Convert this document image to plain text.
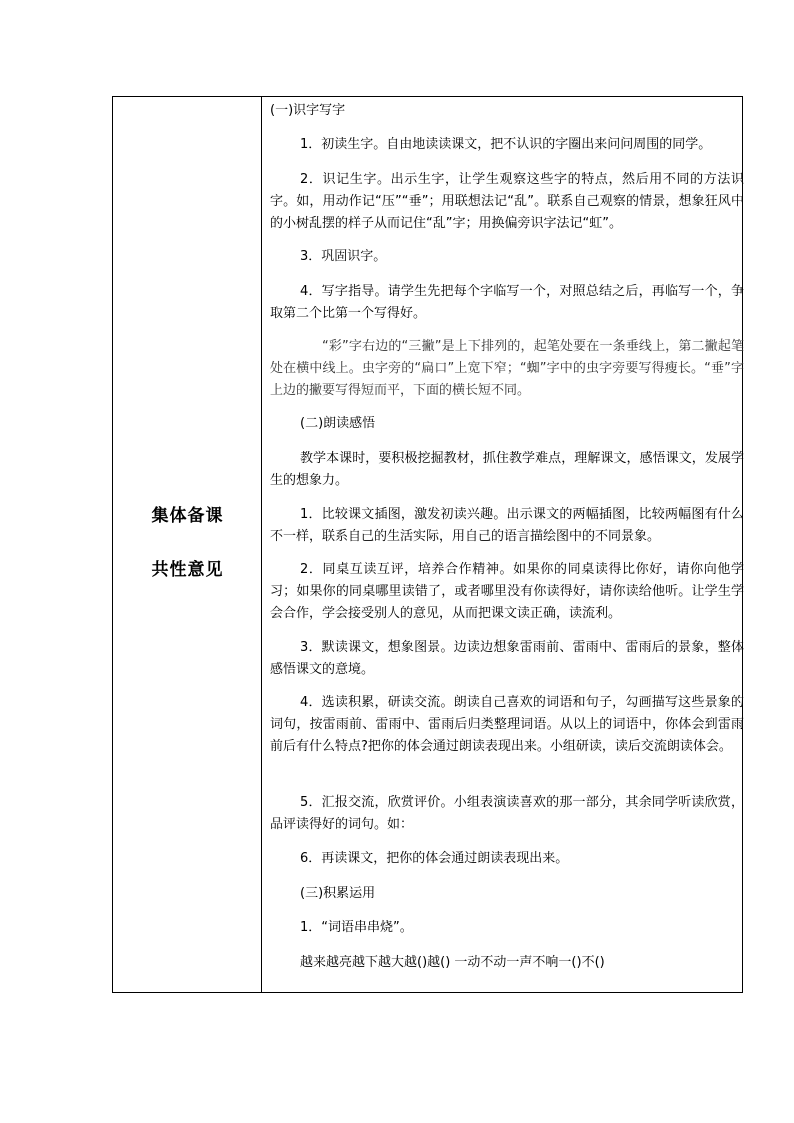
集体备课
共性意见

(一)识字写字

1．初读生字。自由地读读课文，把不认识的字圈出来问问周围的同学。

2．识记生字。出示生字，让学生观察这些字的特点，然后用不同的方法识字。如，用动作记“压”“垂”；用联想法记“乱”。联系自己观察的情景，想象狂风中的小树乱摆的样子从而记住“乱”字；用换偏旁识字法记“虹”。

3．巩固识字。

4．写字指导。请学生先把每个字临写一个，对照总结之后，再临写一个，争取第二个比第一个写得好。

“彩”字右边的“三撇”是上下排列的，起笔处要在一条垂线上，第二撇起笔处在横中线上。虫字旁的“扁口”上宽下窄；“蜘”字中的虫字旁要写得瘦长。“垂”字上边的撇要写得短而平，下面的横长短不同。

(二)朗读感悟

教学本课时，要积极挖掘教材，抓住教学难点，理解课文，感悟课文，发展学生的想象力。

1．比较课文插图，激发初读兴趣。出示课文的两幅插图，比较两幅图有什么不一样，联系自己的生活实际，用自己的语言描绘图中的不同景象。

2．同桌互读互评，培养合作精神。如果你的同桌读得比你好，请你向他学习；如果你的同桌哪里读错了，或者哪里没有你读得好，请你读给他听。让学生学会合作，学会接受别人的意见，从而把课文读正确，读流利。

3．默读课文，想象图景。边读边想象雷雨前、雷雨中、雷雨后的景象，整体感悟课文的意境。

4．选读积累，研读交流。朗读自己喜欢的词语和句子，勾画描写这些景象的词句，按雷雨前、雷雨中、雷雨后归类整理词语。从以上的词语中，你体会到雷雨前后有什么特点?把你的体会通过朗读表现出来。小组研读，读后交流朗读体会。

5．汇报交流，欣赏评价。小组表演读喜欢的那一部分，其余同学听读欣赏，品评读得好的词句。如：

6．再读课文，把你的体会通过朗读表现出来。

(三)积累运用

1．“词语串串烧”。

越来越亮越下越大越()越() 一动不动一声不响一()不()
